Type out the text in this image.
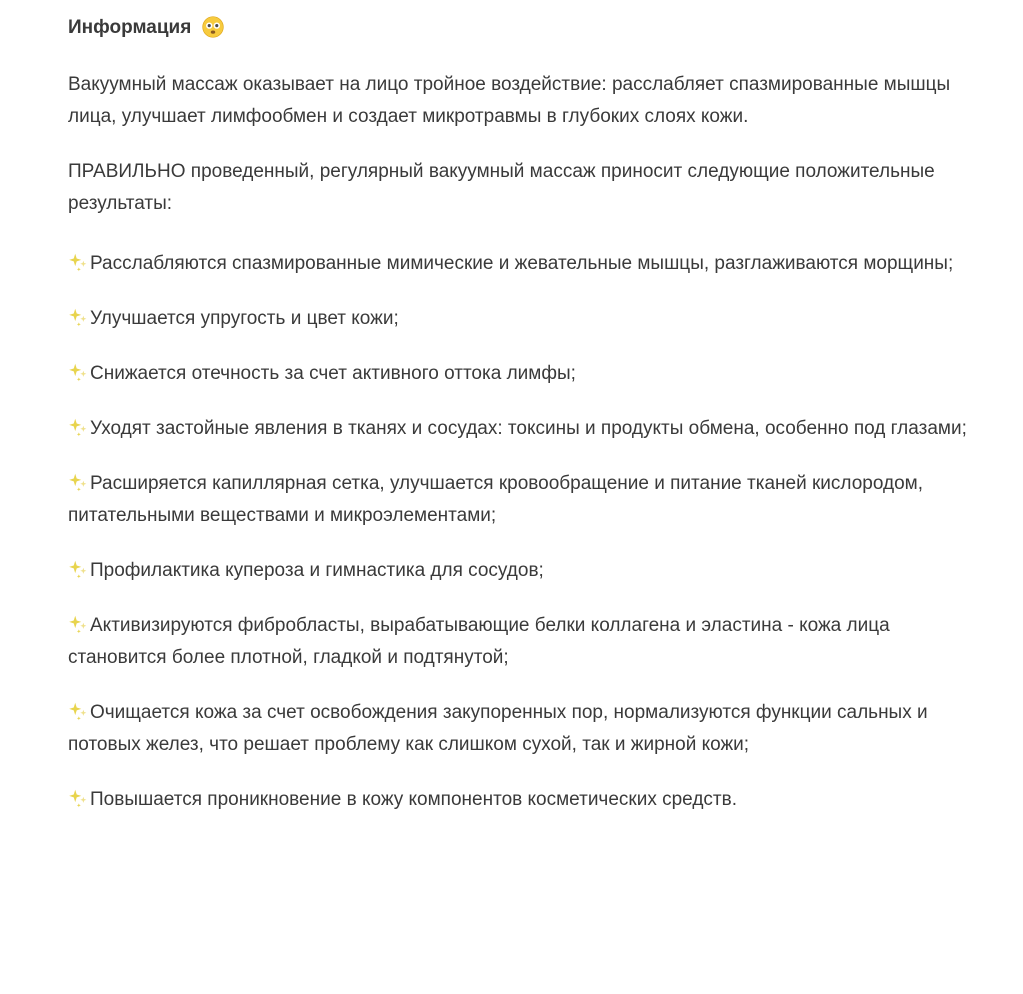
Информация

Вакуумный массаж оказывает на лицо тройное воздействие: расслабляет спазмированные мышцы лица, улучшает лимфообмен и создает микротравмы в глубоких слоях кожи.

ПРАВИЛЬНО проведенный, регулярный вакуумный массаж приносит следующие положительные результаты:

Расслабляются спазмированные мимические и жевательные мышцы, разглаживаются морщины;

Улучшается упругость и цвет кожи;

Снижается отечность за счет активного оттока лимфы;

Уходят застойные явления в тканях и сосудах: токсины и продукты обмена, особенно под глазами;

Расширяется капиллярная сетка, улучшается кровообращение и питание тканей кислородом, питательными веществами и микроэлементами;

Профилактика купероза и гимнастика для сосудов;

Активизируются фибробласты, вырабатывающие белки коллагена и эластина - кожа лица становится более плотной, гладкой и подтянутой;

Очищается кожа за счет освобождения закупоренных пор, нормализуются функции сальных и потовых желез, что решает проблему как слишком сухой, так и жирной кожи;

Повышается проникновение в кожу компонентов косметических средств.
